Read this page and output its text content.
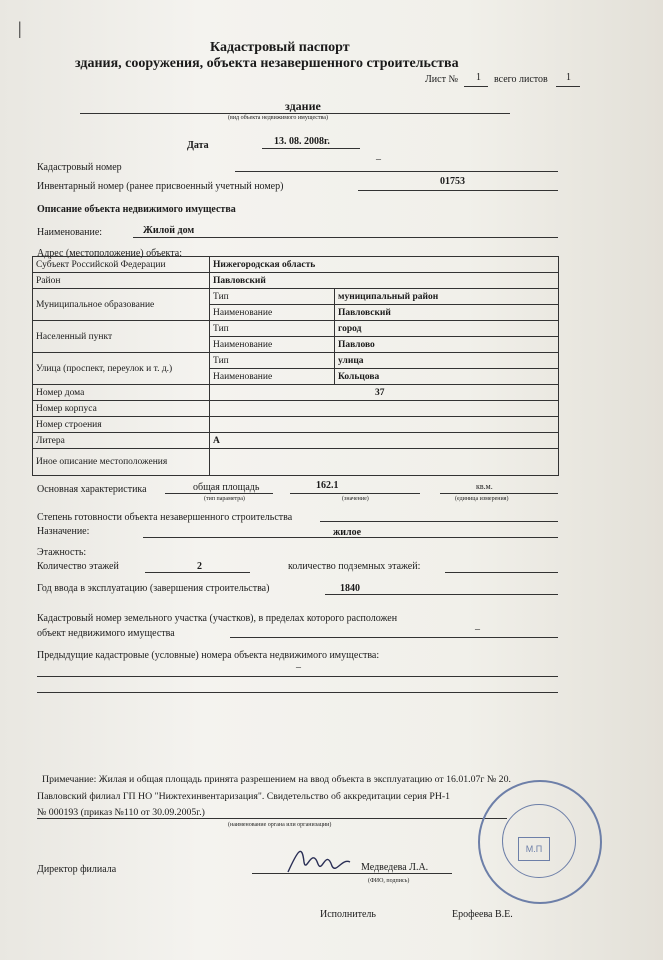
|
Кадастровый паспорт
здания, сооружения, объекта незавершенного строительства
Лист № 1 всего листов 1
здание
(вид объекта недвижимого имущества)
Дата	13. 08. 2008г.
Кадастровый номер
_
Инвентарный номер (ранее присвоенный учетный номер)	01753
Описание объекта недвижимого имущества
Наименование:	Жилой дом
Адрес (местоположение) объекта:
Субъект Российской Федерации	Нижегородская область	
Район	Павловский	
Муниципальное образование	Тип	муниципальный район
	Наименование	Павловский
Населенный пункт	Тип	город
	Наименование	Павлово
Улица (проспект, переулок и т. д.)	Тип	улица
	Наименование	Кольцова
Номер дома	37	
Номер корпуса		
Номер строения		
Литера	А	
Иное описание местоположения		
Основная характеристика	общая площадь
(тип параметра)
162.1
(значение)
кв.м.
(единица измерения)
Степень готовности объекта незавершенного строительства
Назначение:	жилое
Этажность:
Количество этажей	2	количество подземных этажей:
Год ввода в эксплуатацию (завершения строительства)	1840
Кадастровый номер земельного участка (участков), в пределах которого расположен
объект недвижимого имущества
_
Предыдущие кадастровые (условные) номера объекта недвижимого имущества:
_
Примечание: Жилая и общая площадь принята разрешением на ввод объекта в эксплуатацию от 16.01.07г № 20.
Павловский филиал ГП НО "Нижтехинвентаризация". Свидетельство об аккредитации серия РН-1
№ 000193 (приказ №110 от 30.09.2005г.)
(наименование органа или организации)
Директор филиала	Медведева Л.А.
(ФИО, подпись)
Исполнитель	Ерофеева В.Е.
М.П
